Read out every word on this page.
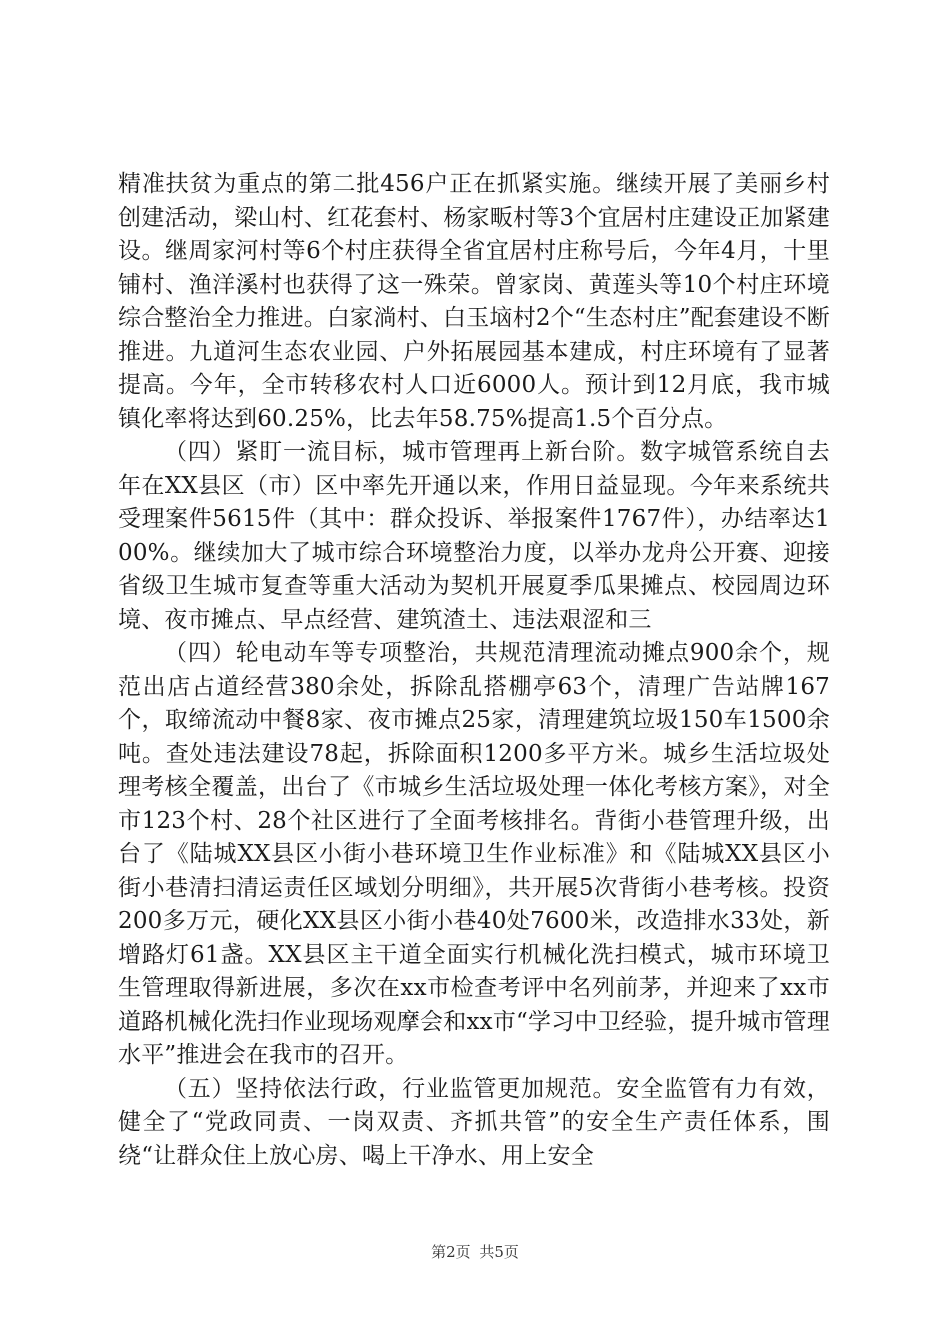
精准扶贫为重点的第二批456户正在抓紧实施。继续开展了美丽乡村创建活动，梁山村、红花套村、杨家畈村等3个宜居村庄建设正加紧建设。继周家河村等6个村庄获得全省宜居村庄称号后，今年4月，十里铺村、渔洋溪村也获得了这一殊荣。曾家岗、黄莲头等10个村庄环境综合整治全力推进。白家淌村、白玉垴村2个“生态村庄”配套建设不断推进。九道河生态农业园、户外拓展园基本建成，村庄环境有了显著提高。今年，全市转移农村人口近6000人。预计到12月底，我市城镇化率将达到60.25%，比去年58.75%提高1.5个百分点。

（四）紧盯一流目标，城市管理再上新台阶。数字城管系统自去年在XX县区（市）区中率先开通以来，作用日益显现。今年来系统共受理案件5615件（其中：群众投诉、举报案件1767件），办结率达100%。继续加大了城市综合环境整治力度，以举办龙舟公开赛、迎接省级卫生城市复查等重大活动为契机开展夏季瓜果摊点、校园周边环境、夜市摊点、早点经营、建筑渣土、违法艰涩和三

（四）轮电动车等专项整治，共规范清理流动摊点900余个，规范出店占道经营380余处，拆除乱搭棚亭63个，清理广告站牌167个，取缔流动中餐8家、夜市摊点25家，清理建筑垃圾150车1500余吨。查处违法建设78起，拆除面积1200多平方米。城乡生活垃圾处理考核全覆盖，出台了《市城乡生活垃圾处理一体化考核方案》，对全市123个村、28个社区进行了全面考核排名。背街小巷管理升级，出台了《陆城XX县区小街小巷环境卫生作业标准》和《陆城XX县区小街小巷清扫清运责任区域划分明细》，共开展5次背街小巷考核。投资200多万元，硬化XX县区小街小巷40处7600米，改造排水33处，新增路灯61盏。XX县区主干道全面实行机械化洗扫模式，城市环境卫生管理取得新进展，多次在xx市检查考评中名列前茅，并迎来了xx市道路机械化洗扫作业现场观摩会和xx市“学习中卫经验，提升城市管理水平”推进会在我市的召开。

（五）坚持依法行政，行业监管更加规范。安全监管有力有效，健全了“党政同责、一岗双责、齐抓共管”的安全生产责任体系，围绕“让群众住上放心房、喝上干净水、用上安全

第2页 共5页
